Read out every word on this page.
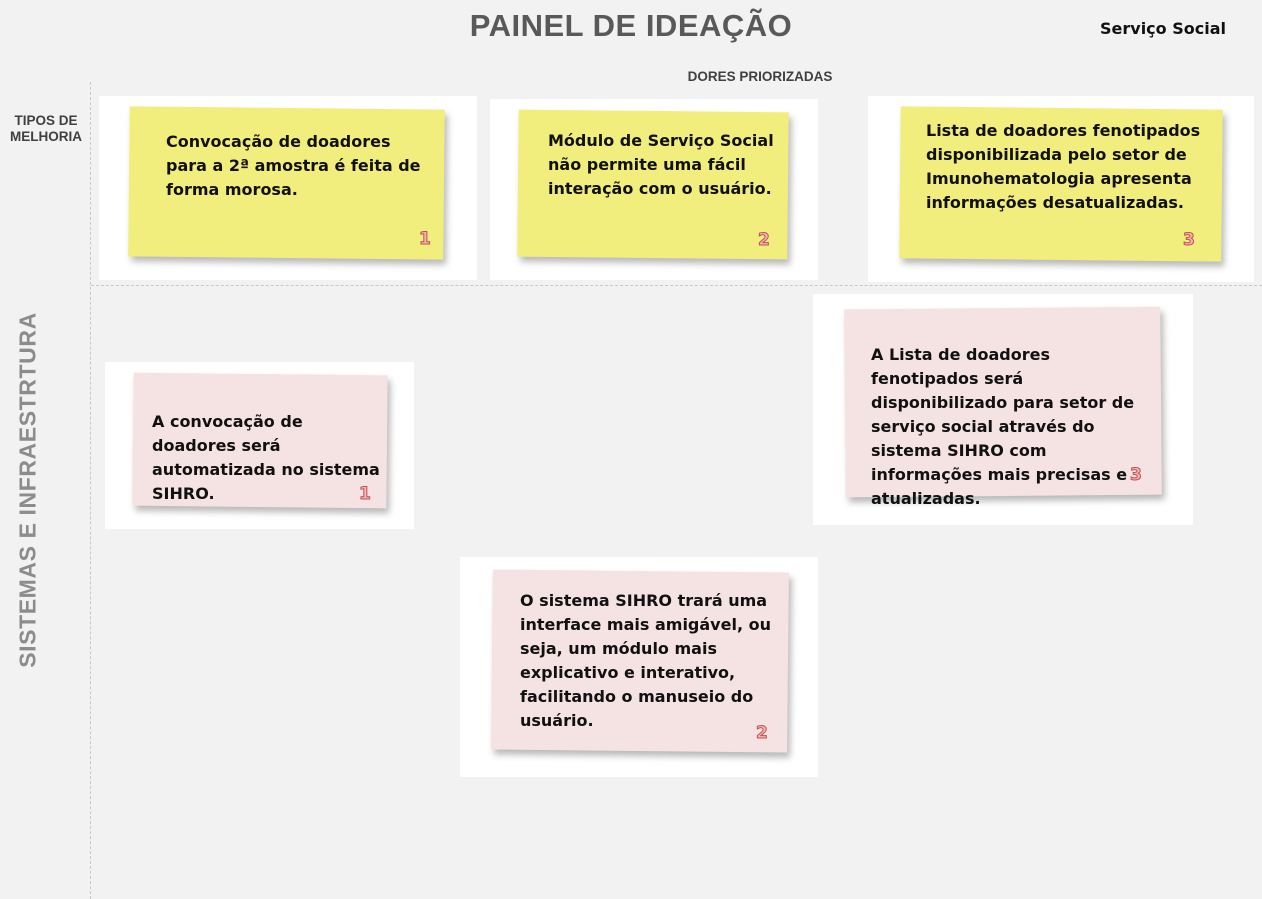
PAINEL DE IDEAÇÃO	Serviço Social
DORES PRIORIZADAS
TIPOS DE
MELHORIA
SISTEMAS E INFRAESTRTURA
Convocação de doadores para a 2ª amostra é feita de forma morosa.
1
Módulo de Serviço Social não permite uma fácil interação com o usuário.
2
Lista de doadores fenotipados disponibilizada pelo setor de Imunohematologia apresenta informações desatualizadas.
3
A convocação de doadores será automatizada no sistema SIHRO.	1
A Lista de doadores fenotipados será disponibilizado para setor de serviço social através do sistema SIHRO com informações mais precisas e atualizadas.
3
O sistema SIHRO trará uma interface mais amigável, ou seja, um módulo mais explicativo e interativo, facilitando o manuseio do usuário.
2
